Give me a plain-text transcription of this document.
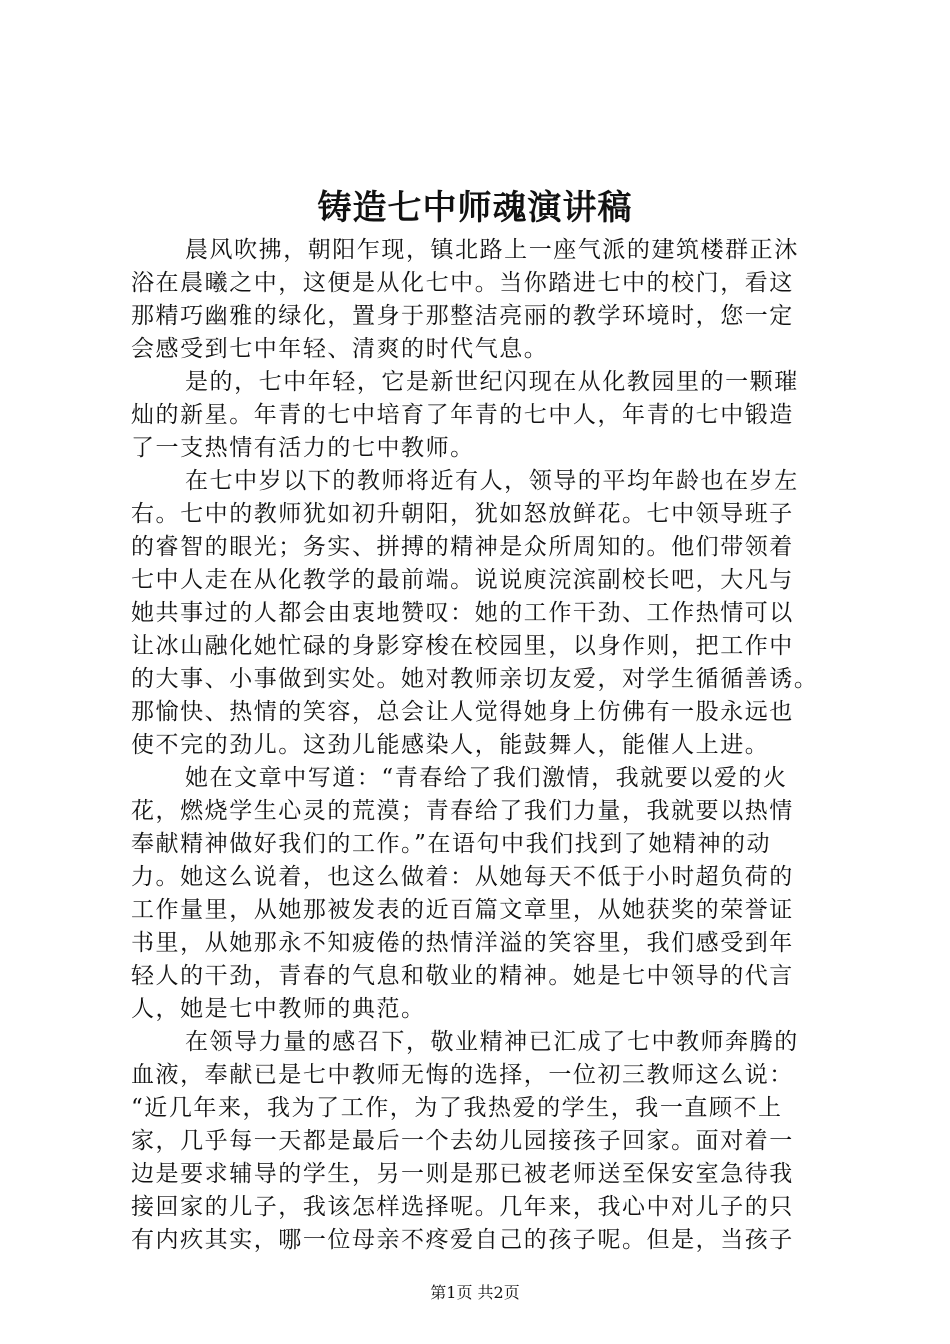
铸造七中师魂演讲稿
晨风吹拂，朝阳乍现，镇北路上一座气派的建筑楼群正沐
浴在晨曦之中，这便是从化七中。当你踏进七中的校门，看这
那精巧幽雅的绿化，置身于那整洁亮丽的教学环境时，您一定
会感受到七中年轻、清爽的时代气息。
是的，七中年轻，它是新世纪闪现在从化教园里的一颗璀
灿的新星。年青的七中培育了年青的七中人，年青的七中锻造
了一支热情有活力的七中教师。
在七中岁以下的教师将近有人，领导的平均年龄也在岁左
右。七中的教师犹如初升朝阳，犹如怒放鲜花。七中领导班子
的睿智的眼光；务实、拼搏的精神是众所周知的。他们带领着
七中人走在从化教学的最前端。说说庾浣滨副校长吧，大凡与
她共事过的人都会由衷地赞叹：她的工作干劲、工作热情可以
让冰山融化她忙碌的身影穿梭在校园里，以身作则，把工作中
的大事、小事做到实处。她对教师亲切友爱，对学生循循善诱。
那愉快、热情的笑容，总会让人觉得她身上仿佛有一股永远也
使不完的劲儿。这劲儿能感染人，能鼓舞人，能催人上进。
她在文章中写道：“青春给了我们激情，我就要以爱的火
花，燃烧学生心灵的荒漠；青春给了我们力量，我就要以热情
奉献精神做好我们的工作。”在语句中我们找到了她精神的动
力。她这么说着，也这么做着：从她每天不低于小时超负荷的
工作量里，从她那被发表的近百篇文章里，从她获奖的荣誉证
书里，从她那永不知疲倦的热情洋溢的笑容里，我们感受到年
轻人的干劲，青春的气息和敬业的精神。她是七中领导的代言
人，她是七中教师的典范。
在领导力量的感召下，敬业精神已汇成了七中教师奔腾的
血液，奉献已是七中教师无悔的选择，一位初三教师这么说：
“近几年来，我为了工作，为了我热爱的学生，我一直顾不上
家，几乎每一天都是最后一个去幼儿园接孩子回家。面对着一
边是要求辅导的学生，另一则是那已被老师送至保安室急待我
接回家的儿子，我该怎样选择呢。几年来，我心中对儿子的只
有内疚其实，哪一位母亲不疼爱自己的孩子呢。但是，当孩子
第1页 共2页
